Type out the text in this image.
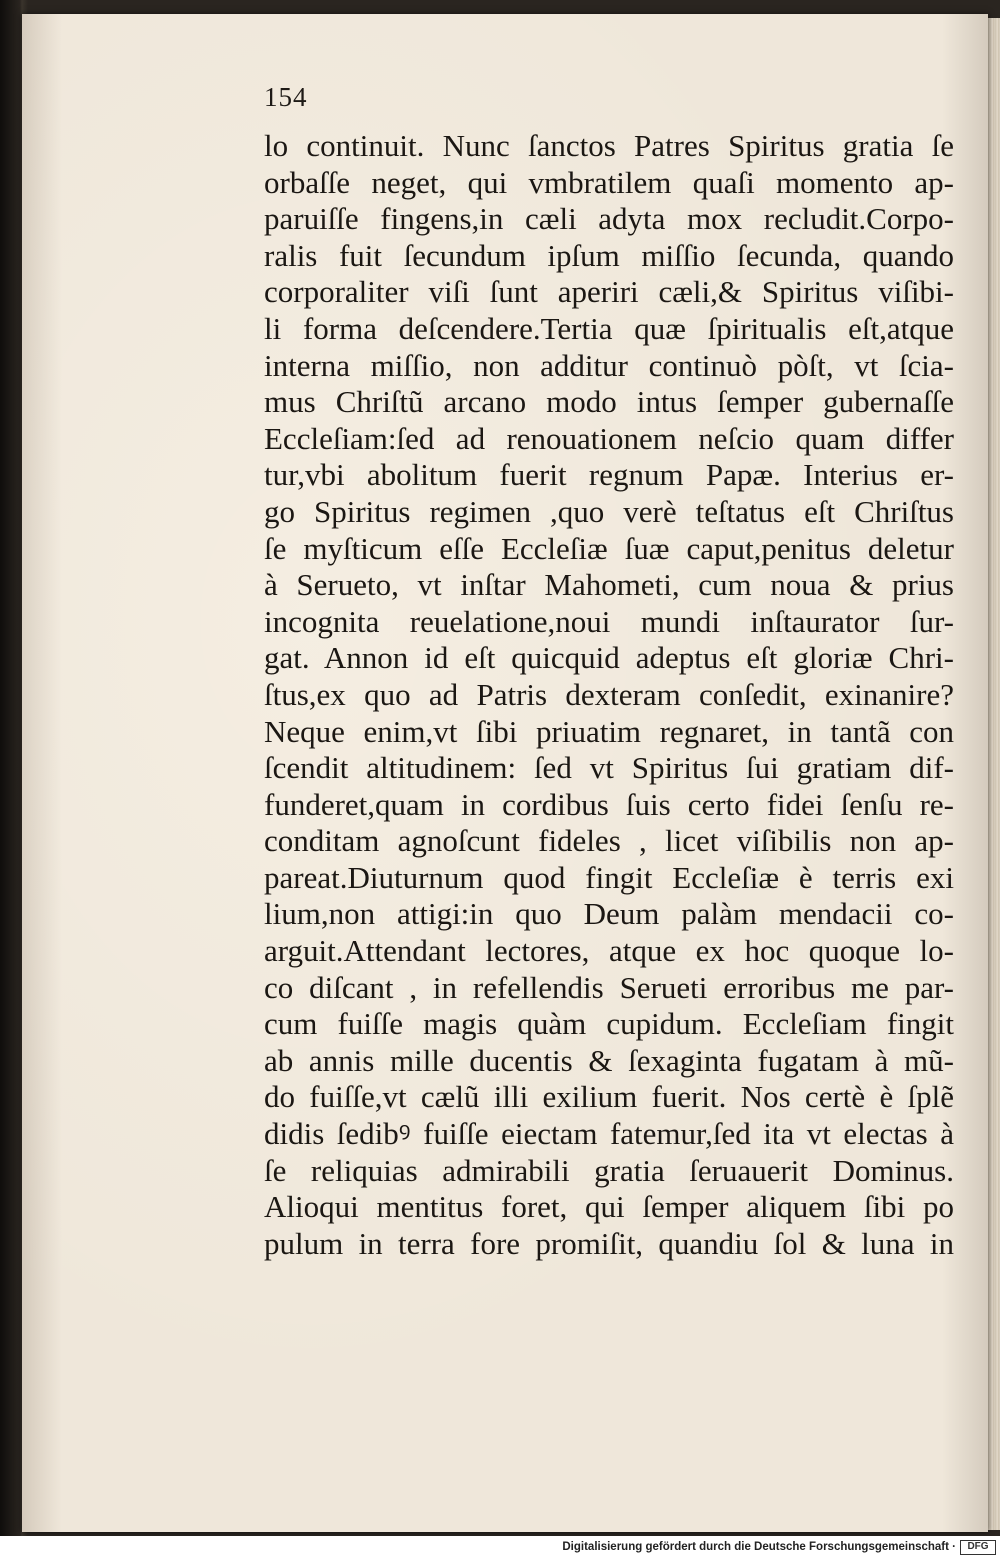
154
lo continuit. Nunc ſanctos Patres Spiritus gratia ſe
orbaſſe neget, qui vmbratilem quaſi momento ap-
paruiſſe fingens,in cæli adyta mox recludit.Corpo-
ralis fuit ſecundum ipſum miſſio ſecunda, quando
corporaliter viſi ſunt aperiri cæli,& Spiritus viſibi-
li forma deſcendere.Tertia quæ ſpiritualis eſt,atque
interna miſſio, non additur continuò pòſt, vt ſcia-
mus Chriſtũ arcano modo intus ſemper gubernaſſe
Eccleſiam:ſed ad renouationem neſcio quam differ
tur,vbi abolitum fuerit regnum Papæ. Interius er-
go Spiritus regimen ,quo verè teſtatus eſt Chriſtus
ſe myſticum eſſe Eccleſiæ ſuæ caput,penitus deletur
à Serueto, vt inſtar Mahometi, cum noua & prius
incognita reuelatione,noui mundi inſtaurator ſur-
gat. Annon id eſt quicquid adeptus eſt gloriæ Chri-
ſtus,ex quo ad Patris dexteram conſedit, exinanire?
Neque enim,vt ſibi priuatim regnaret, in tantã con
ſcendit altitudinem: ſed vt Spiritus ſui gratiam dif-
funderet,quam in cordibus ſuis certo fidei ſenſu re-
conditam agnoſcunt fideles , licet viſibilis non ap-
pareat.Diuturnum quod fingit Eccleſiæ è terris exi
lium,non attigi:in quo Deum palàm mendacii co-
arguit.Attendant lectores, atque ex hoc quoque lo-
co diſcant , in refellendis Serueti erroribus me par-
cum fuiſſe magis quàm cupidum. Eccleſiam fingit
ab annis mille ducentis & ſexaginta fugatam à mũ-
do fuiſſe,vt cælũ illi exilium fuerit. Nos certè è ſplẽ
didis ſedibꝰ fuiſſe eiectam fatemur,ſed ita vt electas à
ſe reliquias admirabili gratia ſeruauerit Dominus.
Alioqui mentitus foret, qui ſemper aliquem ſibi po
pulum in terra fore promiſit, quandiu ſol & luna in
Digitalisierung gefördert durch die Deutsche Forschungsgemeinschaft ·	DFG
